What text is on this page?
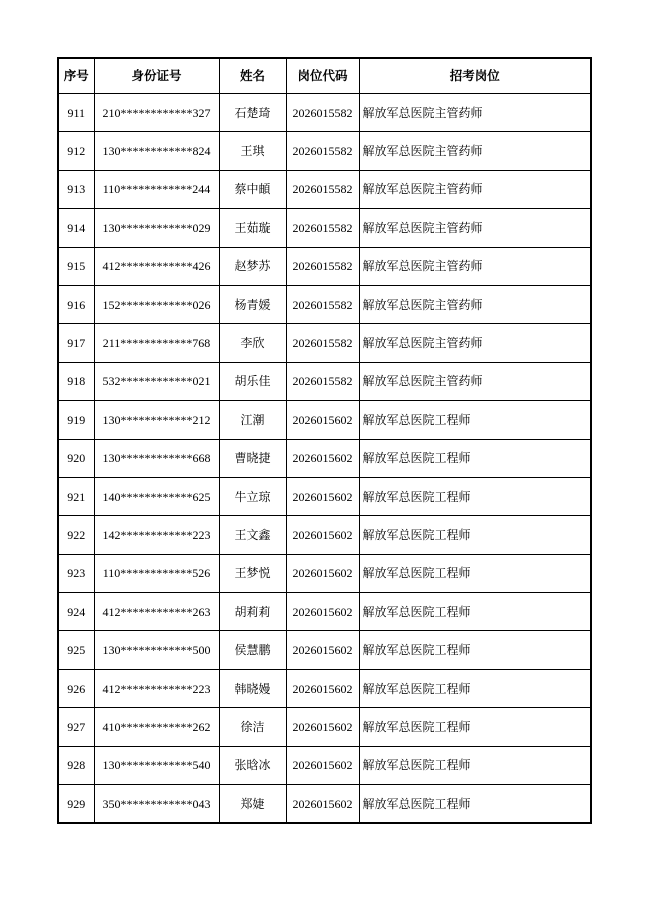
序号	身份证号	姓名	岗位代码	招考岗位
911	210************327	石楚琦	2026015582	解放军总医院主管药师
912	130************824	王琪	2026015582	解放军总医院主管药师
913	110************244	蔡中頔	2026015582	解放军总医院主管药师
914	130************029	王茹璇	2026015582	解放军总医院主管药师
915	412************426	赵梦苏	2026015582	解放军总医院主管药师
916	152************026	杨青媛	2026015582	解放军总医院主管药师
917	211************768	李欣	2026015582	解放军总医院主管药师
918	532************021	胡乐佳	2026015582	解放军总医院主管药师
919	130************212	江潮	2026015602	解放军总医院工程师
920	130************668	曹晓捷	2026015602	解放军总医院工程师
921	140************625	牛立琼	2026015602	解放军总医院工程师
922	142************223	王文鑫	2026015602	解放军总医院工程师
923	110************526	王梦悦	2026015602	解放军总医院工程师
924	412************263	胡莉莉	2026015602	解放军总医院工程师
925	130************500	侯慧鹏	2026015602	解放军总医院工程师
926	412************223	韩晓嫚	2026015602	解放军总医院工程师
927	410************262	徐洁	2026015602	解放军总医院工程师
928	130************540	张晗冰	2026015602	解放军总医院工程师
929	350************043	郑婕	2026015602	解放军总医院工程师
